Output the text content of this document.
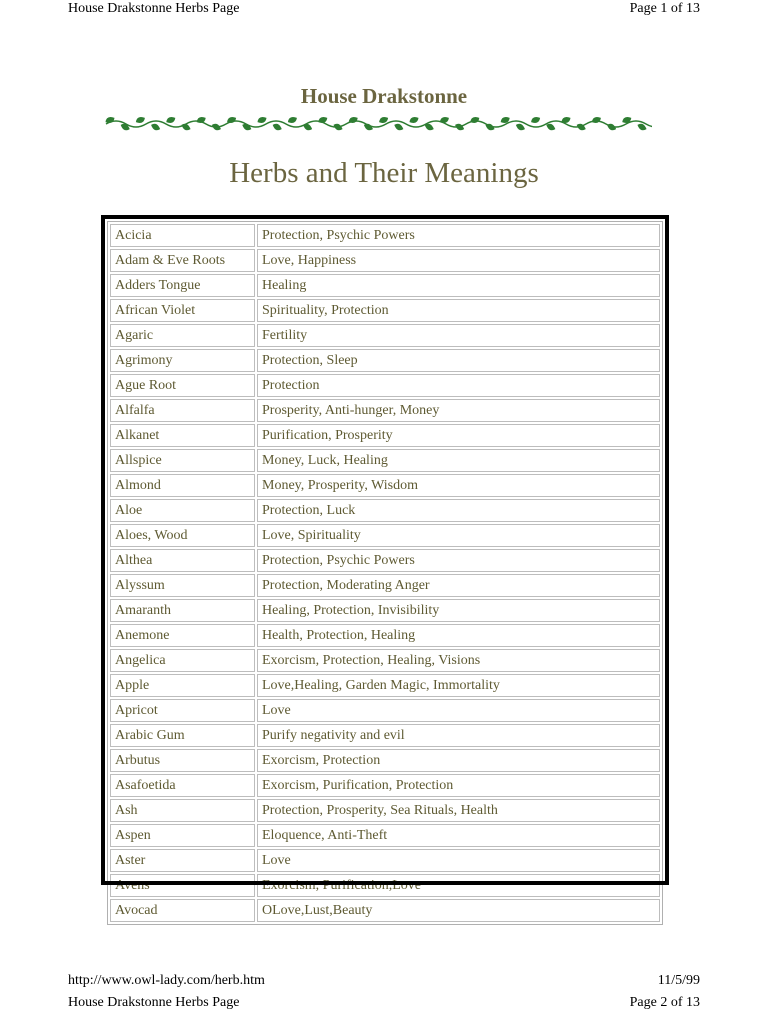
House Drakstonne Herbs Page	Page 1 of 13
House Drakstonne
Herbs and Their Meanings
Acicia	Protection, Psychic Powers
Adam & Eve Roots	Love, Happiness
Adders Tongue	Healing
African Violet	Spirituality, Protection
Agaric	Fertility
Agrimony	Protection, Sleep
Ague Root	Protection
Alfalfa	Prosperity, Anti-hunger, Money
Alkanet	Purification, Prosperity
Allspice	Money, Luck, Healing
Almond	Money, Prosperity, Wisdom
Aloe	Protection, Luck
Aloes, Wood	Love, Spirituality
Althea	Protection, Psychic Powers
Alyssum	Protection, Moderating Anger
Amaranth	Healing, Protection, Invisibility
Anemone	Health, Protection, Healing
Angelica	Exorcism, Protection, Healing, Visions
Apple	Love,Healing, Garden Magic, Immortality
Apricot	Love
Arabic Gum	Purify negativity and evil
Arbutus	Exorcism, Protection
Asafoetida	Exorcism, Purification, Protection
Ash	Protection, Prosperity, Sea Rituals, Health
Aspen	Eloquence, Anti-Theft
Aster	Love
Avens	Exorcism, Purification,Love
Avocad	OLove,Lust,Beauty
http://www.owl-lady.com/herb.htm	11/5/99
House Drakstonne Herbs Page	Page 2 of 13
